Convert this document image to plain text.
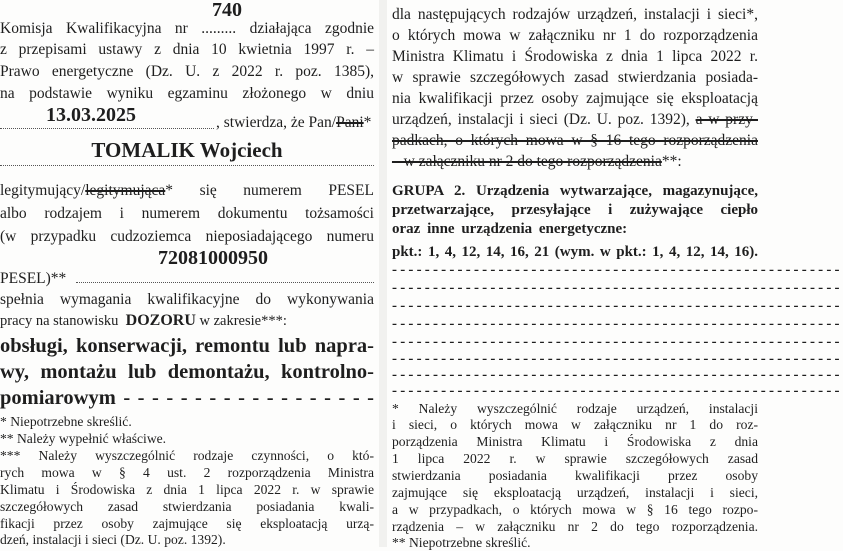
740
Komisja Kwalifikacyjna nr ......... działająca zgodnie
z przepisami ustawy z dnia 10 kwietnia 1997 r. –
Prawo energetyczne (Dz. U. z 2022 r. poz. 1385),
na podstawie wyniku egzaminu złożonego w dniu
13.03.2025	, stwierdza, że Pan/Pani*
TOMALIK Wojciech
legitymujący/legitymująca* się numerem PESEL
albo rodzajem i numerem dokumentu tożsamości
(w przypadku cudzoziemca nieposiadającego numeru
72081000950
PESEL)**
spełnia wymagania kwalifikacyjne do wykonywania
pracy na stanowisku DOZORU w zakresie***:
obsługi, konserwacji, remontu lub napra-
wy, montażu lub demontażu, kontrolno-
pomiarowym - - - - - - - - - - - - - - - - - -
* Niepotrzebne skreślić.
** Należy wypełnić właściwe.
*** Należy wyszczególnić rodzaje czynności, o któ-
rych mowa w § 4 ust. 2 rozporządzenia Ministra
Klimatu i Środowiska z dnia 1 lipca 2022 r. w sprawie
szczegółowych zasad stwierdzania posiadania kwali-
fikacji przez osoby zajmujące się eksploatacją urzą-
dzeń, instalacji i sieci (Dz. U. poz. 1392).
dla następujących rodzajów urządzeń, instalacji i sieci*,
o których mowa w załączniku nr 1 do rozporządzenia
Ministra Klimatu i Środowiska z dnia 1 lipca 2022 r.
w sprawie szczegółowych zasad stwierdzania posiada-
nia kwalifikacji przez osoby zajmujące się eksploatacją
urządzeń, instalacji i sieci (Dz. U. poz. 1392), a w przy-
padkach, o których mowa w § 16 tego rozporządzenia
– w załączniku nr 2 do tego rozporządzenia**:
GRUPA 2. Urządzenia wytwarzające, magazynujące,
przetwarzające, przesyłające i zużywające ciepło
oraz inne urządzenia energetyczne:
pkt.: 1, 4, 12, 14, 16, 21 (wym. w pkt.: 1, 4, 12, 14, 16).
-------------------------------------------------------
-------------------------------------------------------
-------------------------------------------------------
-------------------------------------------------------
-------------------------------------------------------
-------------------------------------------------------
-------------------------------------------------------
-------------------------------------------------------
* Należy wyszczególnić rodzaje urządzeń, instalacji
i sieci, o których mowa w załączniku nr 1 do roz-
porządzenia Ministra Klimatu i Środowiska z dnia
1 lipca 2022 r. w sprawie szczegółowych zasad
stwierdzania posiadania kwalifikacji przez osoby
zajmujące się eksploatacją urządzeń, instalacji i sieci,
a w przypadkach, o których mowa w § 16 tego rozpo-
rządzenia – w załączniku nr 2 do tego rozporządzenia.
** Niepotrzebne skreślić.
